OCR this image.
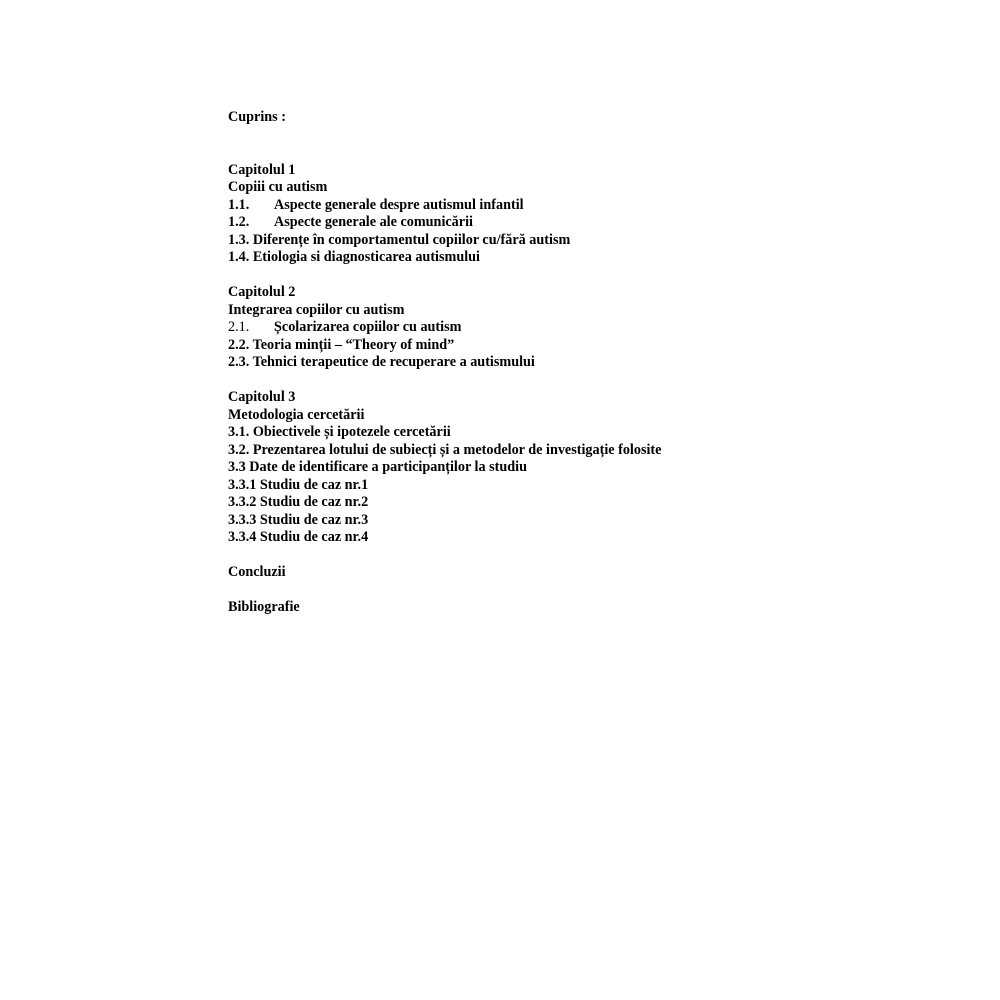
Cuprins :
Capitolul 1
Copiii cu autism
1.1. Aspecte generale despre autismul infantil
1.2. Aspecte generale ale comunicării
1.3. Diferențe în comportamentul copiilor cu/fără autism
1.4. Etiologia si diagnosticarea autismului
Capitolul 2
Integrarea copiilor cu autism
2.1. Școlarizarea copiilor cu autism
2.2. Teoria minții – “Theory of mind”
2.3. Tehnici terapeutice de recuperare a autismului
Capitolul 3
Metodologia cercetării
3.1. Obiectivele și ipotezele cercetării
3.2. Prezentarea lotului de subiecți și a metodelor de investigație folosite
3.3 Date de identificare a participanților la studiu
3.3.1 Studiu de caz nr.1
3.3.2 Studiu de caz nr.2
3.3.3 Studiu de caz nr.3
3.3.4 Studiu de caz nr.4
Concluzii
Bibliografie
